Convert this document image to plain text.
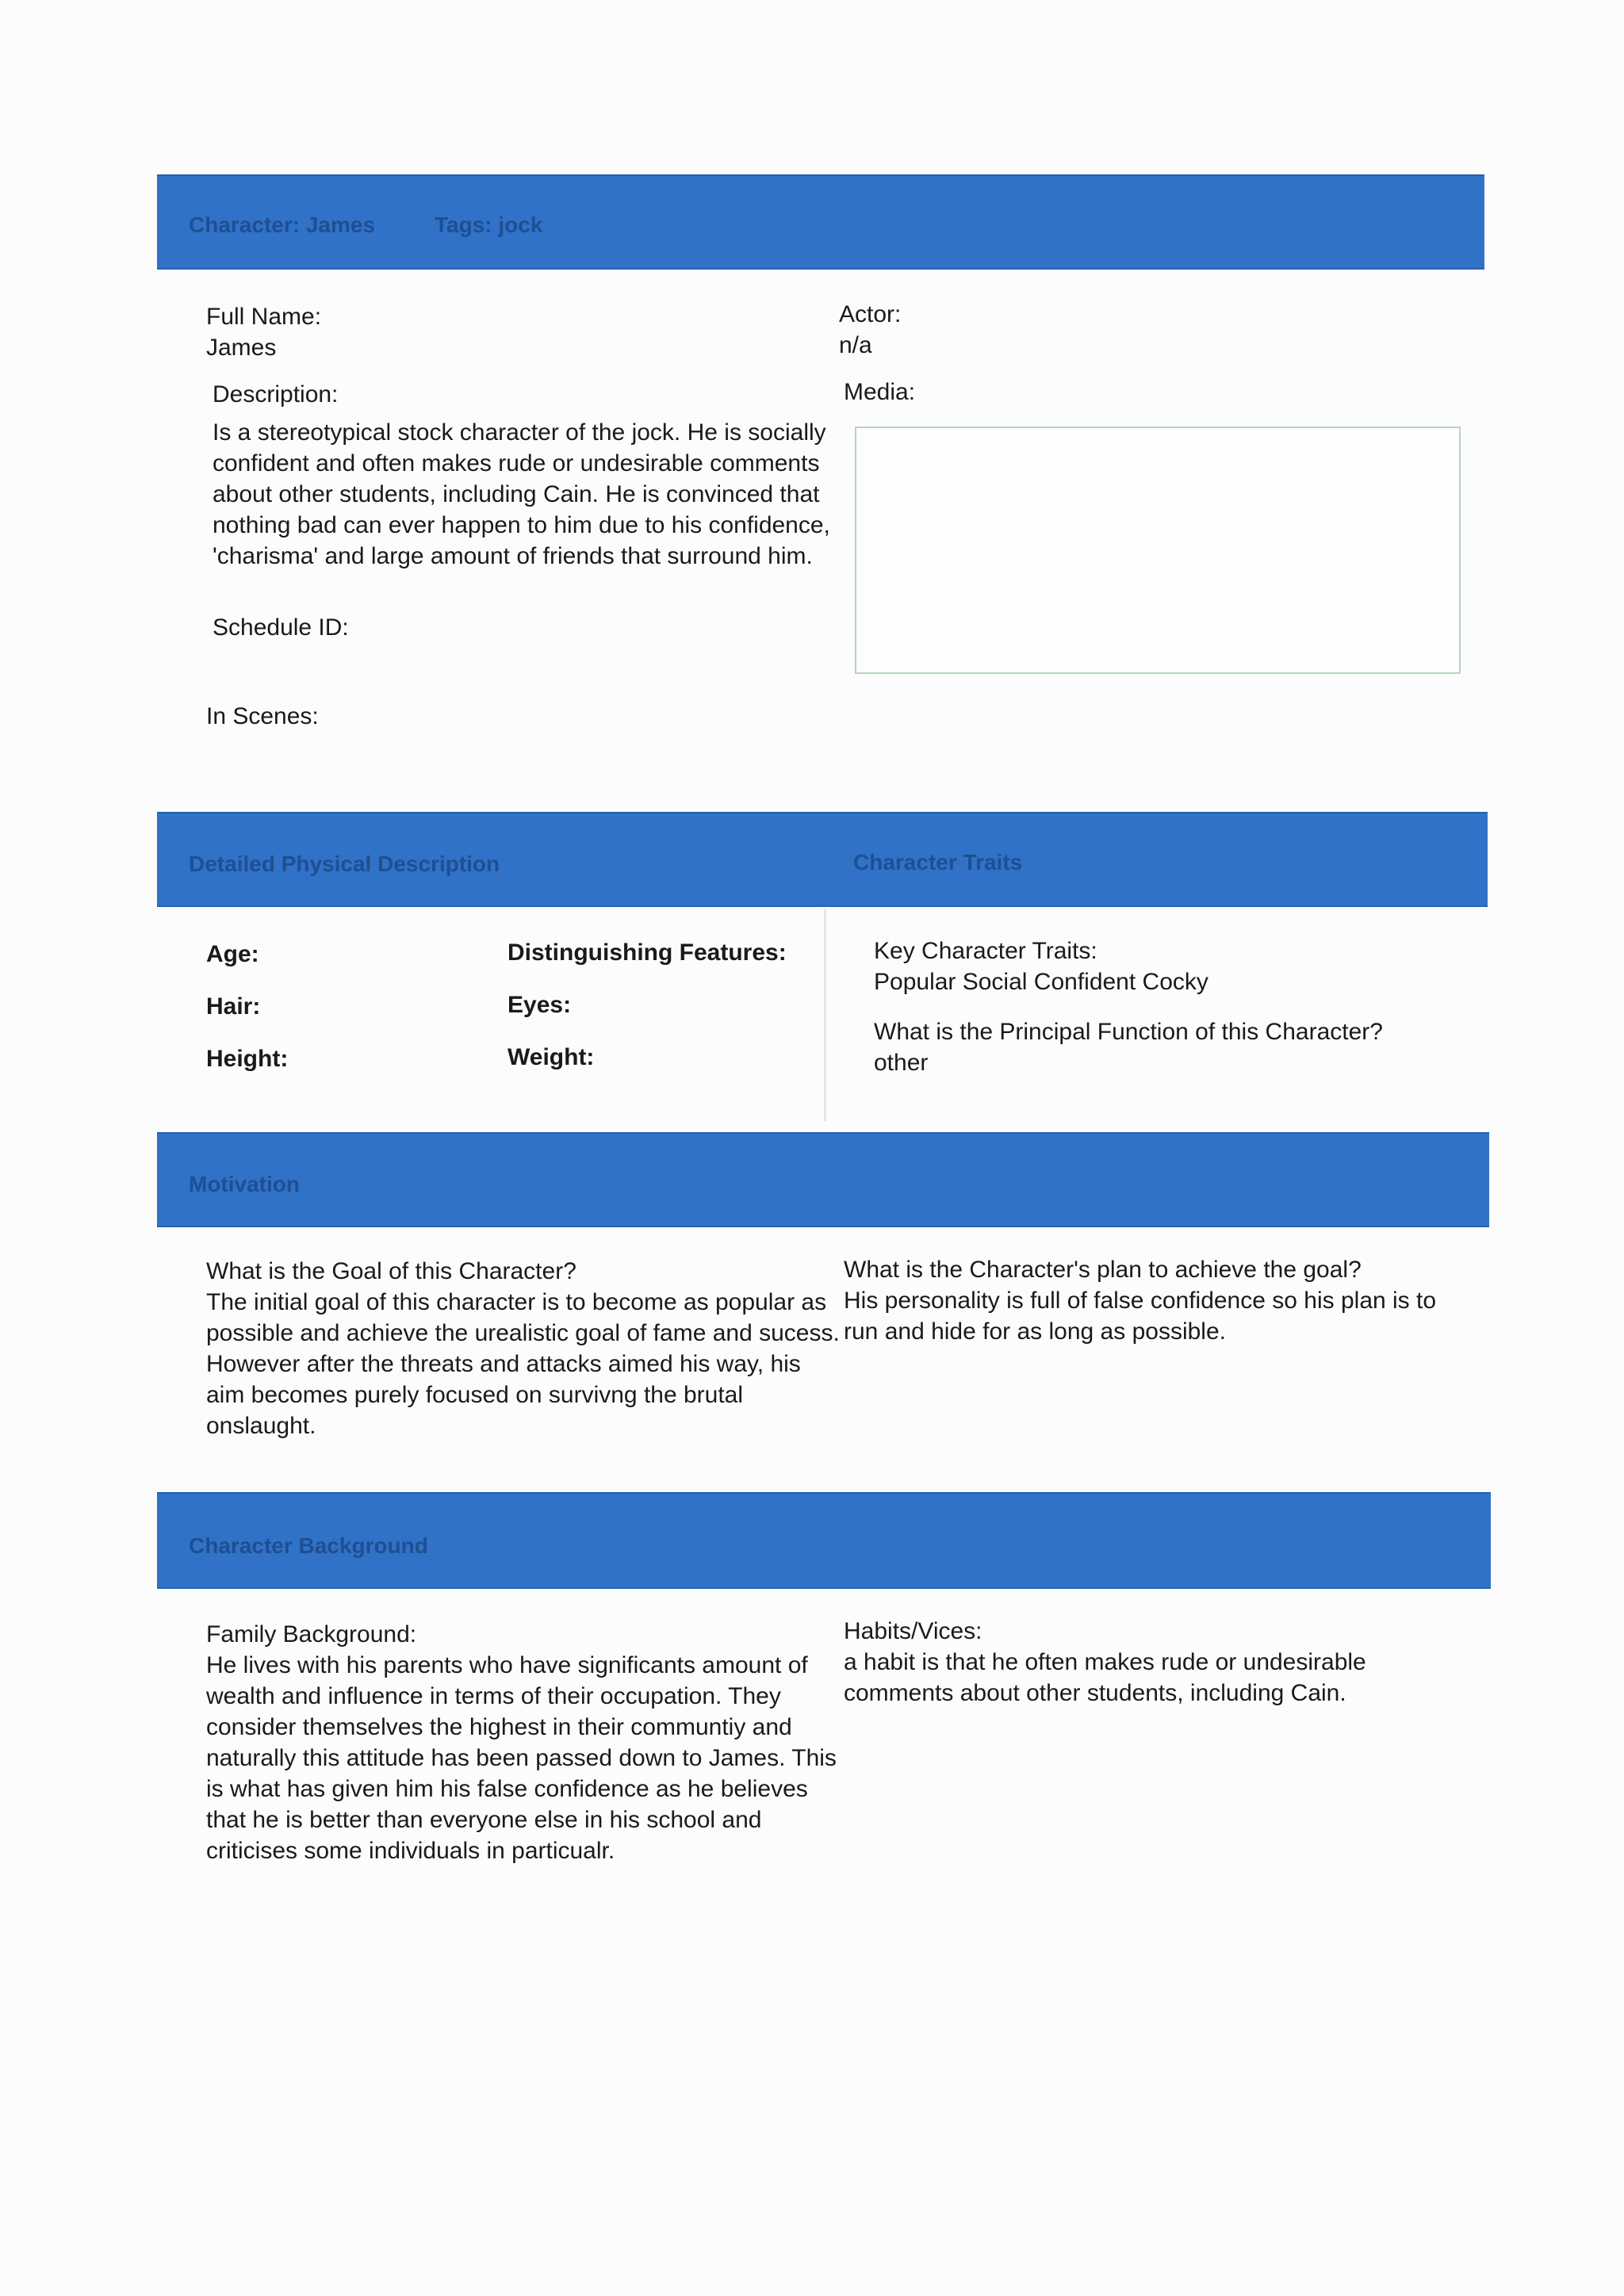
Character: James	Tags: jock
Full Name:
James
Actor:
n/a
Description:
Is a stereotypical stock character of the jock. He is socially confident and often makes rude or undesirable comments about other students, including Cain. He is convinced that nothing bad can ever happen to him due to his confidence, 'charisma' and large amount of friends that surround him.
Media:
Schedule ID:
In Scenes:
Detailed Physical Description	Character Traits
Age:
Hair:
Height:
Distinguishing Features:
Eyes:
Weight:
Key Character Traits:
Popular Social Confident Cocky
What is the Principal Function of this Character?
other
Motivation
What is the Goal of this Character?
The initial goal of this character is to become as popular as possible and achieve the urealistic goal of fame and sucess. However after the threats and attacks aimed his way, his aim becomes purely focused on survivng the brutal onslaught.
What is the Character's plan to achieve the goal?
His personality is full of false confidence so his plan is to run and hide for as long as possible.
Character Background
Family Background:
He lives with his parents who have significants amount of wealth and influence in terms of their occupation. They consider themselves the highest in their communtiy and naturally this attitude has been passed down to James. This is what has given him his false confidence as he believes that he is better than everyone else in his school and criticises some individuals in particualr.
Habits/Vices:
a habit is that he often makes rude or undesirable comments about other students, including Cain.
